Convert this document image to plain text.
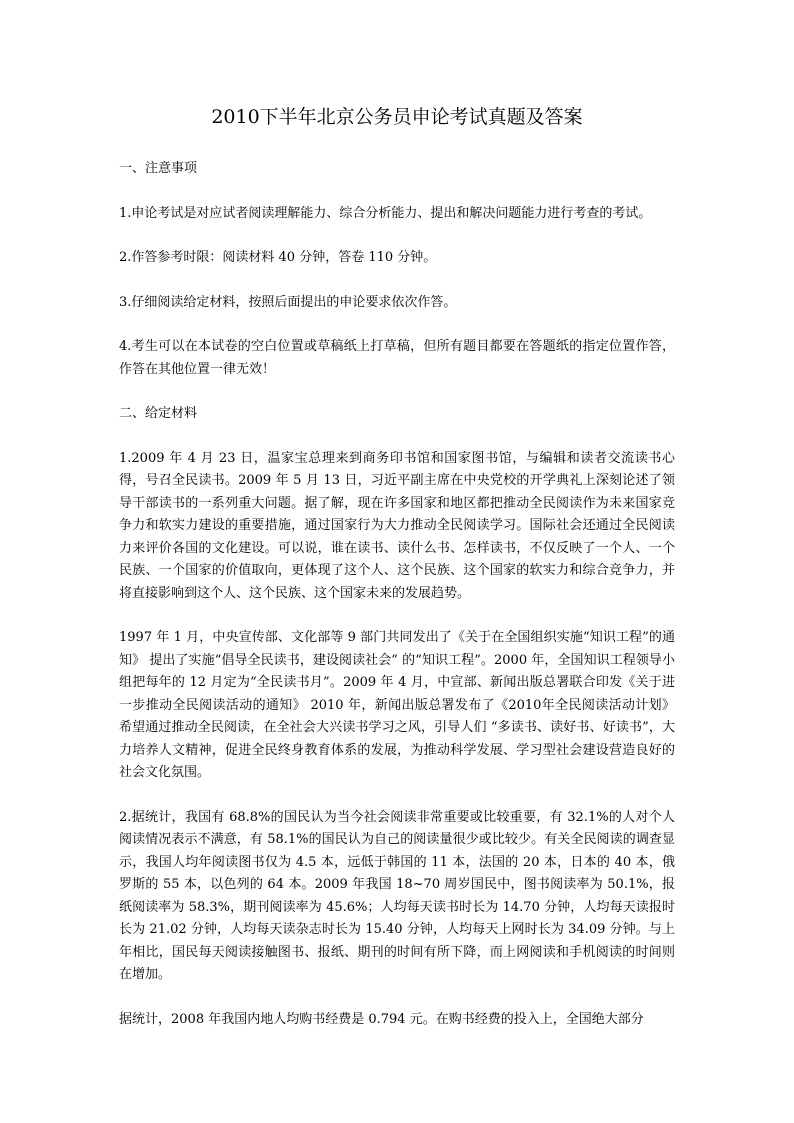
2010下半年北京公务员申论考试真题及答案

一、注意事项

1.申论考试是对应试者阅读理解能力、综合分析能力、提出和解决问题能力进行考查的考试。

2.作答参考时限：阅读材料 40 分钟，答卷 110 分钟。

3.仔细阅读给定材料，按照后面提出的申论要求依次作答。

4.考生可以在本试卷的空白位置或草稿纸上打草稿，但所有题目都要在答题纸的指定位置作答，作答在其他位置一律无效！

二、给定材料

1.2009 年 4 月 23 日，温家宝总理来到商务印书馆和国家图书馆，与编辑和读者交流读书心得，号召全民读书。2009 年 5 月 13 日，习近平副主席在中央党校的开学典礼上深刻论述了领导干部读书的一系列重大问题。据了解，现在许多国家和地区都把推动全民阅读作为未来国家竞争力和软实力建设的重要措施，通过国家行为大力推动全民阅读学习。国际社会还通过全民阅读力来评价各国的文化建设。可以说，谁在读书、读什么书、怎样读书，不仅反映了一个人、一个民族、一个国家的价值取向，更体现了这个人、这个民族、这个国家的软实力和综合竞争力，并将直接影响到这个人、这个民族、这个国家未来的发展趋势。

1997 年 1 月，中央宣传部、文化部等 9 部门共同发出了《关于在全国组织实施“知识工程”的通知》 提出了实施“倡导全民读书，建设阅读社会” 的“知识工程”。2000 年，全国知识工程领导小组把每年的 12 月定为“全民读书月”。2009 年 4 月，中宣部、新闻出版总署联合印发《关于进一步推动全民阅读活动的通知》 2010 年，新闻出版总署发布了《2010年全民阅读活动计划》 希望通过推动全民阅读，在全社会大兴读书学习之风，引导人们 “多读书、读好书、好读书”，大力培养人文精神，促进全民终身教育体系的发展，为推动科学发展、学习型社会建设营造良好的社会文化氛围。

2.据统计，我国有 68.8%的国民认为当今社会阅读非常重要或比较重要，有 32.1%的人对个人阅读情况表示不满意，有 58.1%的国民认为自己的阅读量很少或比较少。有关全民阅读的调查显示，我国人均年阅读图书仅为 4.5 本，远低于韩国的 11 本，法国的 20 本，日本的 40 本，俄罗斯的 55 本，以色列的 64 本。2009 年我国 18~70 周岁国民中，图书阅读率为 50.1%，报纸阅读率为 58.3%，期刊阅读率为 45.6%；人均每天读书时长为 14.70 分钟，人均每天读报时长为 21.02 分钟，人均每天读杂志时长为 15.40 分钟，人均每天上网时长为 34.09 分钟。与上年相比，国民每天阅读接触图书、报纸、期刊的时间有所下降，而上网阅读和手机阅读的时间则在增加。

据统计，2008 年我国内地人均购书经费是 0.794 元。在购书经费的投入上，全国绝大部分
